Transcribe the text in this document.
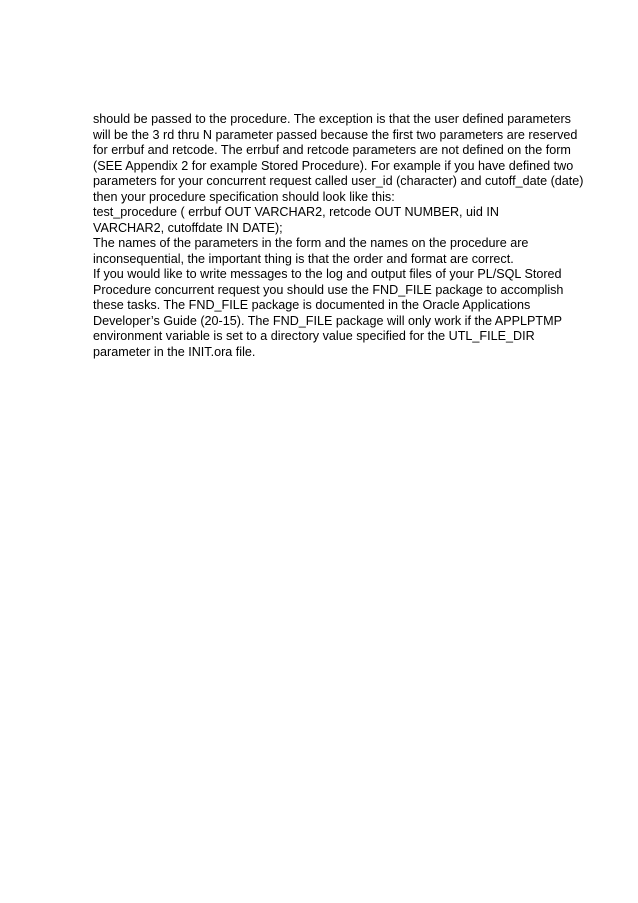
should be passed to the procedure. The exception is that the user defined parameters
will be the 3 rd thru N parameter passed because the first two parameters are reserved
for errbuf and retcode. The errbuf and retcode parameters are not defined on the form
(SEE Appendix 2 for example Stored Procedure). For example if you have defined two
parameters for your concurrent request called user_id (character) and cutoff_date (date)
then your procedure specification should look like this:
test_procedure ( errbuf OUT VARCHAR2, retcode OUT NUMBER, uid IN
VARCHAR2, cutoffdate IN DATE);
The names of the parameters in the form and the names on the procedure are
inconsequential, the important thing is that the order and format are correct.
If you would like to write messages to the log and output files of your PL/SQL Stored
Procedure concurrent request you should use the FND_FILE package to accomplish
these tasks. The FND_FILE package is documented in the Oracle Applications
Developer’s Guide (20-15). The FND_FILE package will only work if the APPLPTMP
environment variable is set to a directory value specified for the UTL_FILE_DIR
parameter in the INIT.ora file.
